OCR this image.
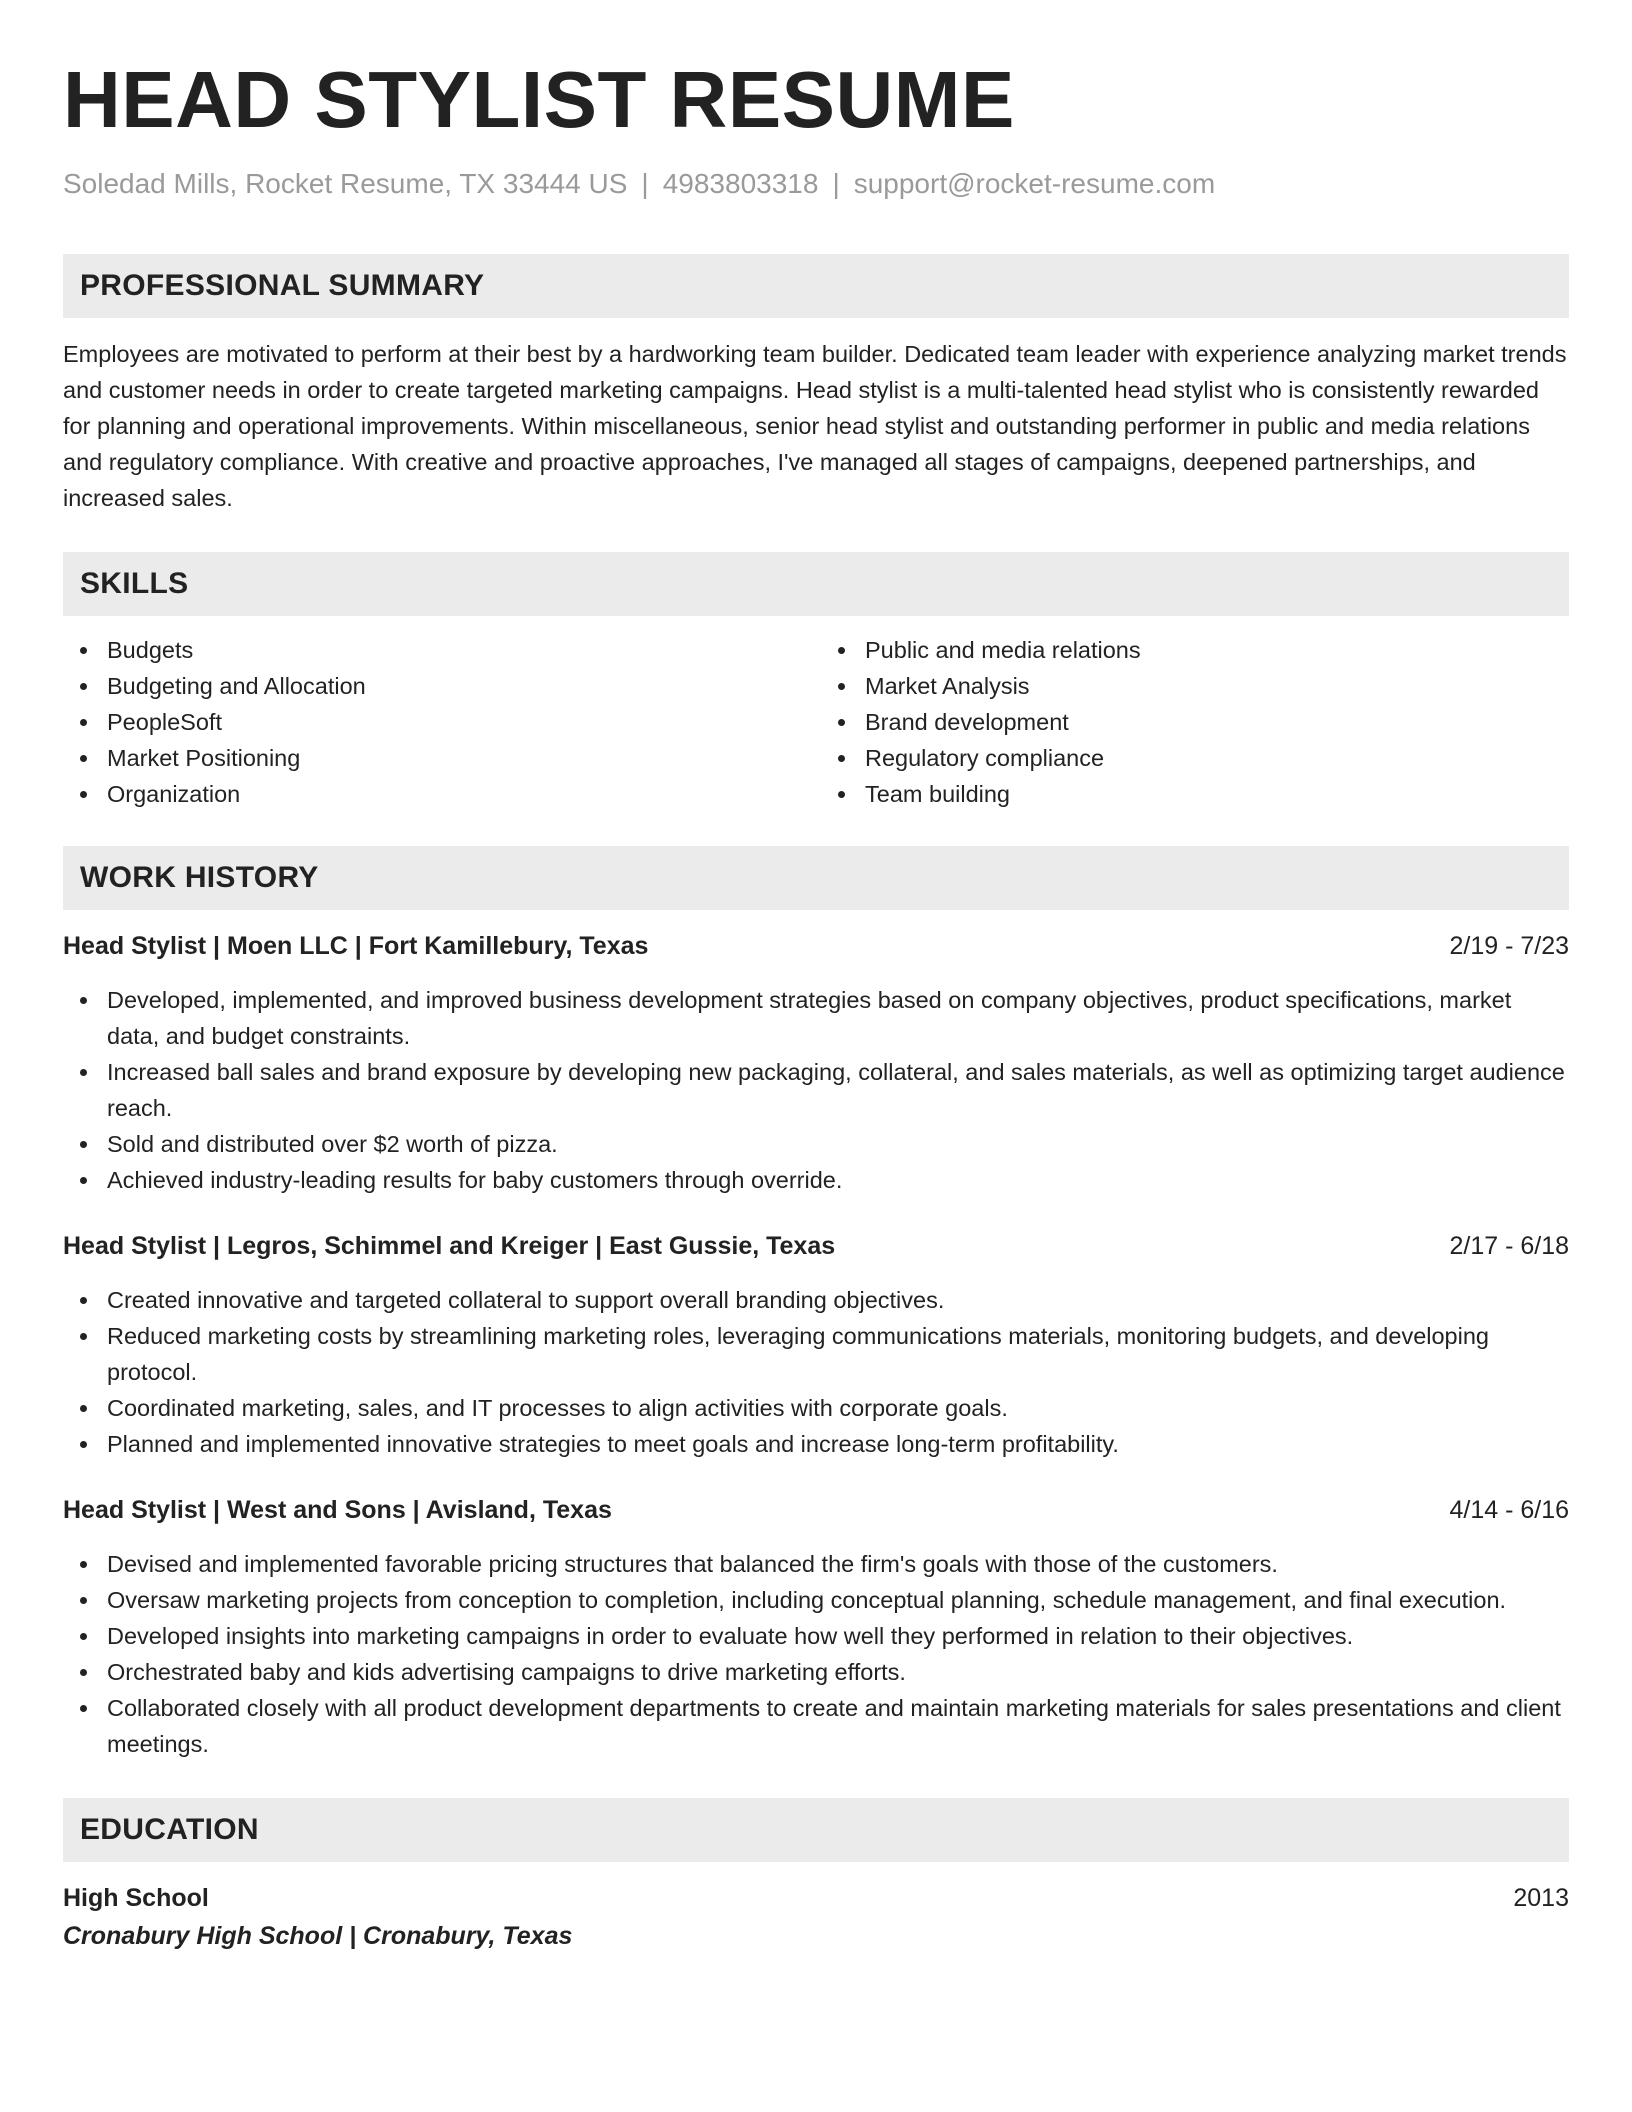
HEAD STYLIST RESUME
Soledad Mills, Rocket Resume, TX 33444 US | 4983803318 | support@rocket-resume.com
PROFESSIONAL SUMMARY
Employees are motivated to perform at their best by a hardworking team builder. Dedicated team leader with experience analyzing market trends and customer needs in order to create targeted marketing campaigns. Head stylist is a multi-talented head stylist who is consistently rewarded for planning and operational improvements. Within miscellaneous, senior head stylist and outstanding performer in public and media relations and regulatory compliance. With creative and proactive approaches, I've managed all stages of campaigns, deepened partnerships, and increased sales.
SKILLS
Budgets
Budgeting and Allocation
PeopleSoft
Market Positioning
Organization
Public and media relations
Market Analysis
Brand development
Regulatory compliance
Team building
WORK HISTORY
Head Stylist | Moen LLC | Fort Kamillebury, Texas	2/19 - 7/23
Developed, implemented, and improved business development strategies based on company objectives, product specifications, market data, and budget constraints.
Increased ball sales and brand exposure by developing new packaging, collateral, and sales materials, as well as optimizing target audience reach.
Sold and distributed over $2 worth of pizza.
Achieved industry-leading results for baby customers through override.
Head Stylist | Legros, Schimmel and Kreiger | East Gussie, Texas	2/17 - 6/18
Created innovative and targeted collateral to support overall branding objectives.
Reduced marketing costs by streamlining marketing roles, leveraging communications materials, monitoring budgets, and developing protocol.
Coordinated marketing, sales, and IT processes to align activities with corporate goals.
Planned and implemented innovative strategies to meet goals and increase long-term profitability.
Head Stylist | West and Sons | Avisland, Texas	4/14 - 6/16
Devised and implemented favorable pricing structures that balanced the firm's goals with those of the customers.
Oversaw marketing projects from conception to completion, including conceptual planning, schedule management, and final execution.
Developed insights into marketing campaigns in order to evaluate how well they performed in relation to their objectives.
Orchestrated baby and kids advertising campaigns to drive marketing efforts.
Collaborated closely with all product development departments to create and maintain marketing materials for sales presentations and client meetings.
EDUCATION
High School	2013
Cronabury High School | Cronabury, Texas
